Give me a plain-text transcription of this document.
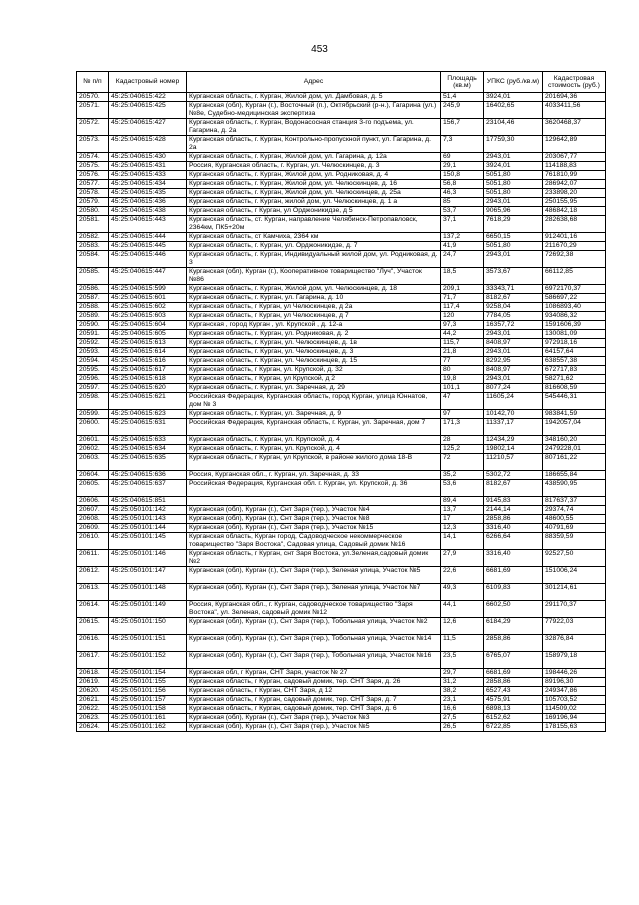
453
№ п/п	Кадастровый номер	Адрес	Площадь (кв.м)	УПКС (руб./кв.м)	Кадастровая стоимость (руб.)
20570.	45:25:040615:422	Курганская область, г. Курган, Жилой дом, ул. Дамбовая, д. 5	51,4	3924,01	201694,36
20571.	45:25:040615:425	Курганская (обл), Курган (г.), Восточный (п.), Октябрьский (р-н.), Гагарина (ул.) №8е, Судебно-медицинская экспертиза	245,9	16402,65	4033411,56
20572.	45:25:040615:427	Курганская область, г. Курган, Водонасосная станция 3-го подъема, ул. Гагарина, д. 2а	156,7	23104,46	3620468,37
20573.	45:25:040615:428	Курганская область, г. Курган, Контрольно-пропускной пункт, ул. Гагарина, д. 2а	7,3	17759,30	129642,89
20574.	45:25:040615:430	Курганская область, г. Курган, Жилой дом, ул. Гагарина, д. 12а	69	2943,01	203067,77
20575.	45:25:040615:431	Россия, Курганская область, г. Курган, ул. Челюскинцев, д. 3	29,1	3924,01	114188,83
20576.	45:25:040615:433	Курганская область, г. Курган, Жилой дом, ул. Родниковая, д. 4	150,8	5051,80	761810,99
20577.	45:25:040615:434	Курганская область, г. Курган, Жилой дом, ул. Челюскинцев, д. 16	56,8	5051,80	286942,07
20578.	45:25:040615:435	Курганская область, г. Курган, Жилой дом, ул. Челюскинцев, д. 25а	46,3	5051,80	233898,20
20579.	45:25:040615:436	Курганская область, г. Курган, жилой дом, ул. Челюскинцев, д. 1 а	85	2943,01	250155,95
20580.	45:25:040615:438	Курганская область, г Курган, ул Орджоникидзе, д 5	53,7	9065,96	486842,18
20581.	45:25:040615:443	Курганская область, ст. Курган, направление Челябинск-Петропавловск, 2364км, ПК5+20м	37,1	7618,29	282638,68
20582.	45:25:040615:444	Курганская область, ст Камчиха, 2364 км	137,2	6650,15	912401,16
20583.	45:25:040615:445	Курганская область, г. Курган, ул. Орджоникидзе, д. 7	41,9	5051,80	211670,29
20584.	45:25:040615:446	Курганская область, г. Курган, Индивидуальный жилой дом, ул. Родниковая, д. 3	24,7	2943,01	72692,38
20585.	45:25:040615:447	Курганская (обл), Курган (г.), Кооперативное товарищество "Луч", Участок №86	18,5	3573,67	66112,85
20586.	45:25:040615:599	Курганская область, г. Курган, Жилой дом, ул. Челюскинцев, д. 18	209,1	33343,71	6972170,37
20587.	45:25:040615:601	Курганская область, г. Курган, ул. Гагарина, д. 10	71,7	8182,67	586697,22
20588.	45:25:040615:602	Курганская область, г Курган, ул Челюскинцев, д 2а	117,4	9258,04	1086893,40
20589.	45:25:040615:603	Курганская область, г Курган, ул Челюскинцев, д 7	120	7784,05	934086,32
20590.	45:25:040615:604	Курганская , город Курган , ул. Крупской , д. 12-а	97,3	16357,72	1591606,39
20591.	45:25:040615:605	Курганская область, г. Курган, ул. Родниковая, д. 2	44,2	2943,01	130081,09
20592.	45:25:040615:613	Курганская область, г. Курган, ул. Челюскинцев, д. 1в	115,7	8408,97	972918,16
20593.	45:25:040615:614	Курганская область, г. Курган, ул. Челюскинцев, д. 3	21,8	2943,01	64157,64
20594.	45:25:040615:616	Курганская область, г. Курган, ул. Челюскинцев, д. 15	77	8292,95	638557,38
20595.	45:25:040615:617	Курганская область, г Курган, ул. Крупской, д. 32	80	8408,97	672717,83
20596.	45:25:040615:618	Курганская область, г Курган, ул Крупской, д 2	19,8	2943,01	58271,62
20597.	45:25:040615:620	Курганская область, г. Курган, ул. Заречная, д. 29	101,1	8077,24	816608,59
20598.	45:25:040615:621	Российская Федерация, Курганская область, город Курган, улица Юннатов, дом № 3	47	11605,24	545446,31
20599.	45:25:040615:623	Курганская область, г. Курган, ул. Заречная, д. 9	97	10142,70	983841,59
20600.	45:25:040615:631	Российская Федерация, Курганская область, г. Курган, ул. Заречная, дом 7	171,3	11337,17	1942057,04
20601.	45:25:040615:633	Курганская область, г. Курган, ул. Крупской, д. 4	28	12434,29	348160,20
20602.	45:25:040615:634	Курганская область, г. Курган, ул. Крупской, д. 4	125,2	19802,14	2479228,01
20603.	45:25:040615:635	Курганская область, г Курган, ул Крупской, в районе жилого дома 18-В	72	11210,57	807161,22
20604.	45:25:040615:636	Россия, Курганская обл., г. Курган, ул. Заречная, д. 33	35,2	5302,72	186655,84
20605.	45:25:040615:637	Российская Федерация, Курганская обл. г. Курган, ул. Крупской, д. 36	53,6	8182,67	438590,95
20606.	45:25:040615:851		89,4	9145,83	817637,37
20607.	45:25:050101:142	Курганская (обл), Курган (г.), Снт Заря (тер.), Участок №4	13,7	2144,14	29374,74
20608.	45:25:050101:143	Курганская (обл), Курган (г.), Снт Заря (тер.), Участок №8	17	2858,86	48600,55
20609.	45:25:050101:144	Курганская (обл), Курган (г.), Снт Заря (тер.), Участок №15	12,3	3316,40	40791,69
20610.	45:25:050101:145	Курганская область, Курган город, Садоводческое некоммерческое товарищество "Заря Востока", Садовая улица, Садовый домик №16	14,1	6266,64	88359,59
20611.	45:25:050101:146	Курганская область, г Курган, снт Заря Востока, ул.Зеленая,садовый домик №2	27,9	3316,40	92527,50
20612.	45:25:050101:147	Курганская (обл), Курган (г.), Снт Заря (тер.), Зеленая улица, Участок №5	22,6	6681,69	151006,24
20613.	45:25:050101:148	Курганская (обл), Курган (г.), Снт Заря (тер.), Зеленая улица, Участок №7	49,3	6109,83	301214,61
20614.	45:25:050101:149	Россия, Курганская обл., г. Курган, садоводческое товарищество "Заря Востока", ул. Зеленая, садовый домик №12	44,1	6602,50	291170,37
20615.	45:25:050101:150	Курганская (обл), Курган (г.), Снт Заря (тер.), Тобольная улица, Участок №2	12,6	6184,29	77922,03
20616.	45:25:050101:151	Курганская (обл), Курган (г.), Снт Заря (тер.), Тобольная улица, Участок №14	11,5	2858,86	32876,84
20617.	45:25:050101:152	Курганская (обл), Курган (г.), Снт Заря (тер.), Тобольная улица, Участок №16	23,5	6765,07	158979,18
20618.	45:25:050101:154	Курганская обл, г Курган, СНТ Заря, участок № 27	29,7	6681,69	198446,26
20619.	45:25:050101:155	Курганская область, г Курган, садовый домик, тер. СНТ Заря, д. 26	31,2	2858,86	89196,30
20620.	45:25:050101:156	Курганская область, г Курган, СНТ Заря, д 12	38,2	6527,43	249347,86
20621.	45:25:050101:157	Курганская область, г Курган, садовый домик, тер. СНТ Заря, д. 7	23,1	4575,91	105703,52
20622.	45:25:050101:158	Курганская область, г Курган, садовый домик, тер. СНТ Заря, д. 6	16,6	6898,13	114509,02
20623.	45:25:050101:161	Курганская (обл), Курган (г.), Снт Заря (тер.), Участок №3	27,5	6152,62	169196,94
20624.	45:25:050101:162	Курганская (обл), Курган (г.), Снт Заря (тер.), Участок №5	26,5	6722,85	178155,63
